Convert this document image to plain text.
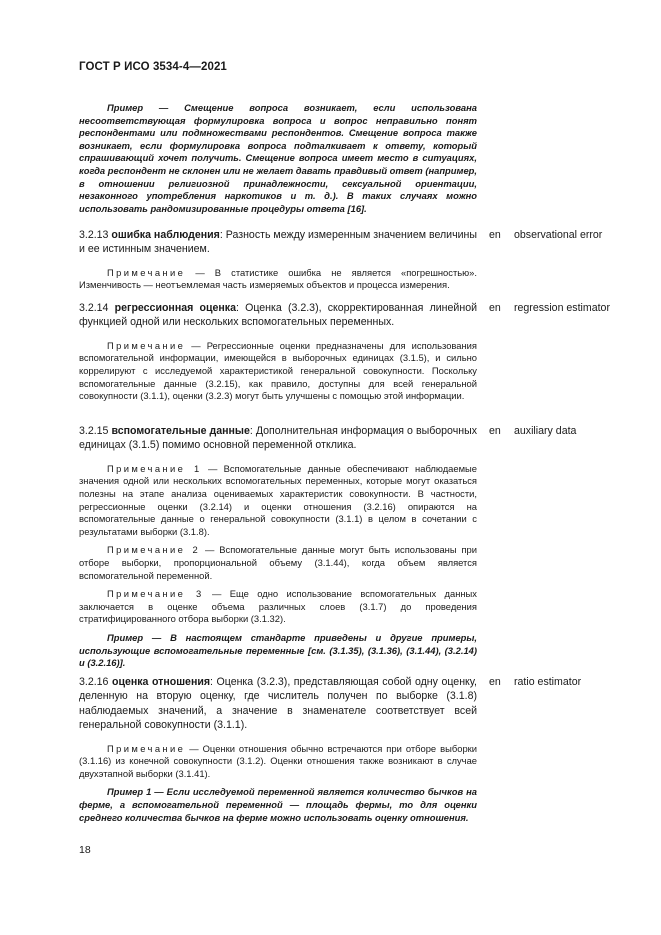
ГОСТ Р ИСО 3534-4—2021

Пример — Смещение вопроса возникает, если использована несоответствующая формулировка вопроса и вопрос неправильно понят респондентами или подмножествами респондентов. Смещение вопроса также возникает, если формулировка вопроса подталкивает к ответу, который спрашивающий хочет получить. Смещение вопроса имеет место в ситуациях, когда респондент не склонен или не желает давать правдивый ответ (например, в отношении религиозной принадлежности, сексуальной ориентации, незаконного употребления наркотиков и т. д.). В таких случаях можно использовать рандомизированные процедуры ответа [16].

3.2.13 ошибка наблюдения: Разность между измеренным значением величины и ее истинным значением.

Примечание — В статистике ошибка не является «погрешностью». Изменчивость — неотъемлемая часть измеряемых объектов и процесса измерения.

en observational error

3.2.14 регрессионная оценка: Оценка (3.2.3), скорректированная линейной функцией одной или нескольких вспомогательных переменных.

Примечание — Регрессионные оценки предназначены для использования вспомогательной информации, имеющейся в выборочных единицах (3.1.5), и сильно коррелируют с исследуемой характеристикой генеральной совокупности. Поскольку вспомогательные данные (3.2.15), как правило, доступны для всей генеральной совокупности (3.1.1), оценки (3.2.3) могут быть улучшены с помощью этой информации.

en regression estimator

3.2.15 вспомогательные данные: Дополнительная информация о выборочных единицах (3.1.5) помимо основной переменной отклика.

Примечание 1 — Вспомогательные данные обеспечивают наблюдаемые значения одной или нескольких вспомогательных переменных, которые могут оказаться полезны на этапе анализа оцениваемых характеристик совокупности. В частности, регрессионные оценки (3.2.14) и оценки отношения (3.2.16) опираются на вспомогательные данные о генеральной совокупности (3.1.1) в целом в сочетании с результатами выборки (3.1.8).

Примечание 2 — Вспомогательные данные могут быть использованы при отборе выборки, пропорциональной объему (3.1.44), когда объем является вспомогательной переменной.

Примечание 3 — Еще одно использование вспомогательных данных заключается в оценке объема различных слоев (3.1.7) до проведения стратифицированного отбора выборки (3.1.32).

Пример — В настоящем стандарте приведены и другие примеры, использующие вспомогательные переменные [см. (3.1.35), (3.1.36), (3.1.44), (3.2.14) и (3.2.16)].

en auxiliary data

3.2.16 оценка отношения: Оценка (3.2.3), представляющая собой одну оценку, деленную на вторую оценку, где числитель получен по выборке (3.1.8) наблюдаемых значений, а значение в знаменателе соответствует всей генеральной совокупности (3.1.1).

Примечание — Оценки отношения обычно встречаются при отборе выборки (3.1.16) из конечной совокупности (3.1.2). Оценки отношения также возникают в случае двухэтапной выборки (3.1.41).

Пример 1 — Если исследуемой переменной является количество бычков на ферме, а вспомогательной переменной — площадь фермы, то для оценки среднего количества бычков на ферме можно использовать оценку отношения.

en ratio estimator
18
